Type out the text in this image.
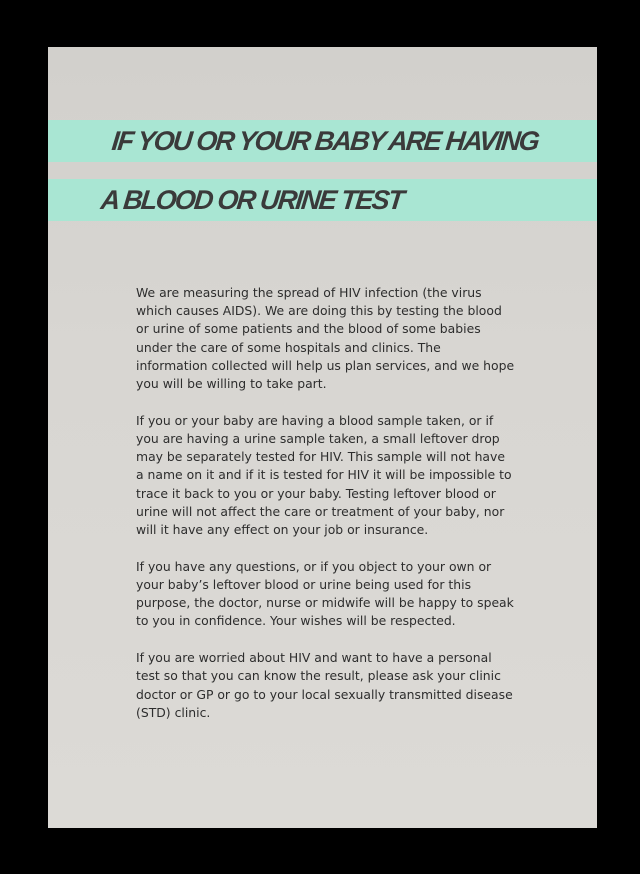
IF YOU OR YOUR BABY ARE HAVING
A BLOOD OR URINE TEST

We are measuring the spread of HIV infection (the virus which causes AIDS). We are doing this by testing the blood or urine of some patients and the blood of some babies under the care of some hospitals and clinics. The information collected will help us plan services, and we hope you will be willing to take part.

If you or your baby are having a blood sample taken, or if you are having a urine sample taken, a small leftover drop may be separately tested for HIV. This sample will not have a name on it and if it is tested for HIV it will be impossible to trace it back to you or your baby. Testing leftover blood or urine will not affect the care or treatment of your baby, nor will it have any effect on your job or insurance.

If you have any questions, or if you object to your own or your baby’s leftover blood or urine being used for this purpose, the doctor, nurse or midwife will be happy to speak to you in confidence. Your wishes will be respected.

If you are worried about HIV and want to have a personal test so that you can know the result, please ask your clinic doctor or GP or go to your local sexually transmitted disease (STD) clinic.
